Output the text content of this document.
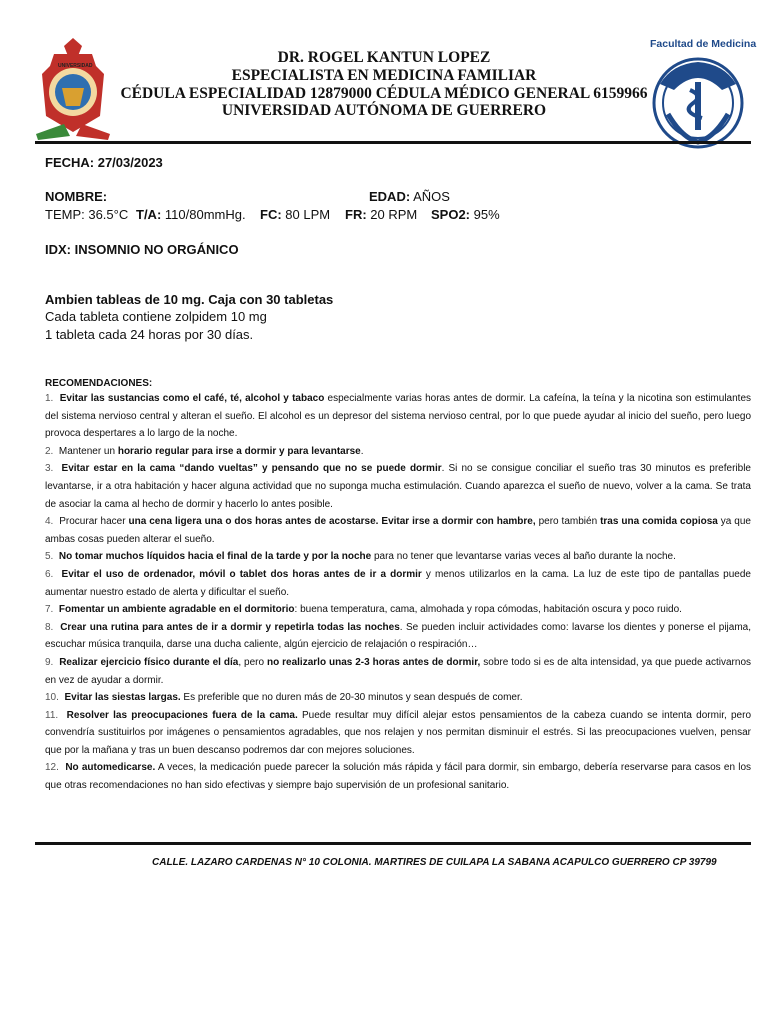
UNIVERSIDAD	DR. ROGEL KANTUN LOPEZ
ESPECIALISTA EN MEDICINA FAMILIAR
CÉDULA ESPECIALIDAD 12879000 CÉDULA MÉDICO GENERAL 6159966
UNIVERSIDAD AUTÓNOMA DE GUERRERO
Facultad de Medicina
FECHA: 27/03/2023
NOMBRE:	EDAD: AÑOS
TEMP: 36.5°C T/A: 110/80mmHg. FC: 80 LPM FR: 20 RPM SPO2: 95%
IDX: INSOMNIO NO ORGÁNICO
Ambien tableas de 10 mg. Caja con 30 tabletas
Cada tableta contiene zolpidem 10 mg
1 tableta cada 24 horas por 30 días.

RECOMENDACIONES:

1. Evitar las sustancias como el café, té, alcohol y tabaco especialmente varias horas antes de dormir. La cafeína, la teína y la nicotina son estimulantes del sistema nervioso central y alteran el sueño. El alcohol es un depresor del sistema nervioso central, por lo que puede ayudar al inicio del sueño, pero luego provoca despertares a lo largo de la noche.

2. Mantener un horario regular para irse a dormir y para levantarse.

3. Evitar estar en la cama “dando vueltas” y pensando que no se puede dormir. Si no se consigue conciliar el sueño tras 30 minutos es preferible levantarse, ir a otra habitación y hacer alguna actividad que no suponga mucha estimulación. Cuando aparezca el sueño de nuevo, volver a la cama. Se trata de asociar la cama al hecho de dormir y hacerlo lo antes posible.

4. Procurar hacer una cena ligera una o dos horas antes de acostarse. Evitar irse a dormir con hambre, pero también tras una comida copiosa ya que ambas cosas pueden alterar el sueño.

5. No tomar muchos líquidos hacia el final de la tarde y por la noche para no tener que levantarse varias veces al baño durante la noche.

6. Evitar el uso de ordenador, móvil o tablet dos horas antes de ir a dormir y menos utilizarlos en la cama. La luz de este tipo de pantallas puede aumentar nuestro estado de alerta y dificultar el sueño.

7. Fomentar un ambiente agradable en el dormitorio: buena temperatura, cama, almohada y ropa cómodas, habitación oscura y poco ruido.

8. Crear una rutina para antes de ir a dormir y repetirla todas las noches. Se pueden incluir actividades como: lavarse los dientes y ponerse el pijama, escuchar música tranquila, darse una ducha caliente, algún ejercicio de relajación o respiración…

9. Realizar ejercicio físico durante el día, pero no realizarlo unas 2-3 horas antes de dormir, sobre todo si es de alta intensidad, ya que puede activarnos en vez de ayudar a dormir.

10. Evitar las siestas largas. Es preferible que no duren más de 20-30 minutos y sean después de comer.

11. Resolver las preocupaciones fuera de la cama. Puede resultar muy difícil alejar estos pensamientos de la cabeza cuando se intenta dormir, pero convendría sustituirlos por imágenes o pensamientos agradables, que nos relajen y nos permitan disminuir el estrés. Si las preocupaciones vuelven, pensar que por la mañana y tras un buen descanso podremos dar con mejores soluciones.

12. No automedicarse. A veces, la medicación puede parecer la solución más rápida y fácil para dormir, sin embargo, debería reservarse para casos en los que otras recomendaciones no han sido efectivas y siempre bajo supervisión de un profesional sanitario.

CALLE. LAZARO CARDENAS N° 10 COLONIA. MARTIRES DE CUILAPA LA SABANA ACAPULCO GUERRERO CP 39799
